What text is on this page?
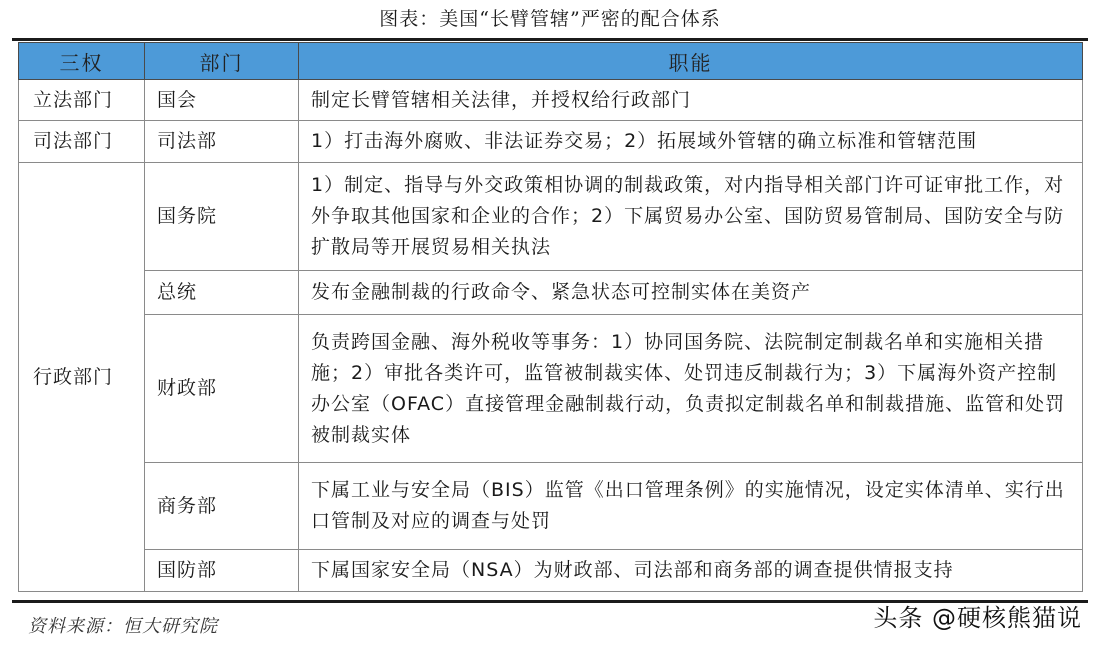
图表：美国“长臂管辖”严密的配合体系
三权	部门	职能
立法部门	国会	制定长臂管辖相关法律，并授权给行政部门
司法部门	司法部	1）打击海外腐败、非法证券交易；2）拓展域外管辖的确立标准和管辖范围
行政部门	国务院	1）制定、指导与外交政策相协调的制裁政策，对内指导相关部门许可证审批工作，对外争取其他国家和企业的合作；2）下属贸易办公室、国防贸易管制局、国防安全与防扩散局等开展贸易相关执法
	总统	发布金融制裁的行政命令、紧急状态可控制实体在美资产
	财政部	负责跨国金融、海外税收等事务：1）协同国务院、法院制定制裁名单和实施相关措施；2）审批各类许可，监管被制裁实体、处罚违反制裁行为；3）下属海外资产控制办公室（OFAC）直接管理金融制裁行动，负责拟定制裁名单和制裁措施、监管和处罚被制裁实体
	商务部	下属工业与安全局（BIS）监管《出口管理条例》的实施情况，设定实体清单、实行出口管制及对应的调查与处罚
	国防部	下属国家安全局（NSA）为财政部、司法部和商务部的调查提供情报支持
资料来源：恒大研究院	头条 @硬核熊猫说
